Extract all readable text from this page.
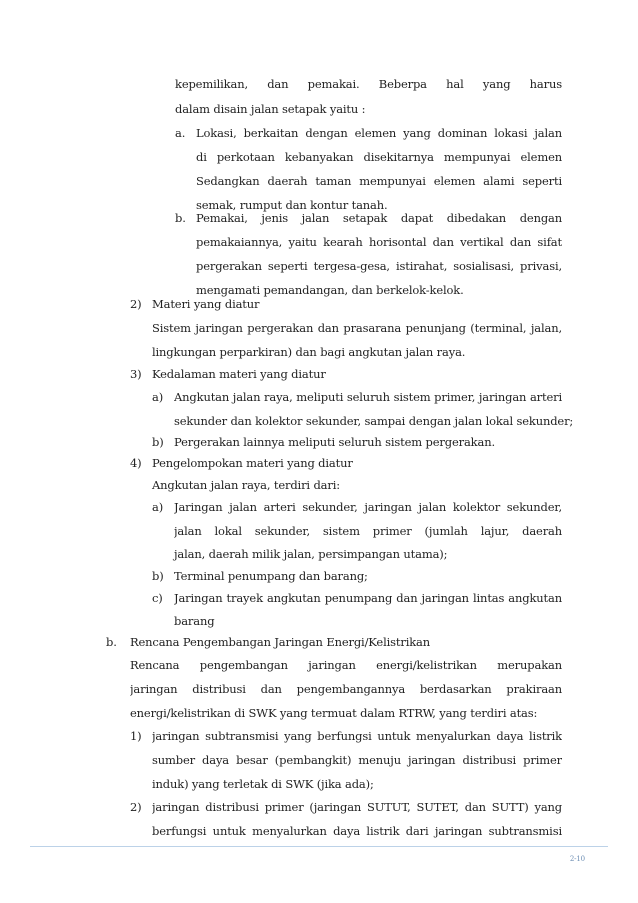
kepemilikan, dan pemakai. Beberpa hal yang harus
dalam disain jalan setapak yaitu :
a. Lokasi, berkaitan dengan elemen yang dominan lokasi jalan
di perkotaan kebanyakan disekitarnya mempunyai elemen
Sedangkan daerah taman mempunyai elemen alami seperti
semak, rumput dan kontur tanah.
b. Pemakai, jenis jalan setapak dapat dibedakan dengan
pemakaiannya, yaitu kearah horisontal dan vertikal dan sifat
pergerakan seperti tergesa-gesa, istirahat, sosialisasi, privasi,
mengamati pemandangan, dan berkelok-kelok.
2) Materi yang diatur
Sistem jaringan pergerakan dan prasarana penunjang (terminal, jalan,
lingkungan perparkiran) dan bagi angkutan jalan raya.
3) Kedalaman materi yang diatur
a) Angkutan jalan raya, meliputi seluruh sistem primer, jaringan arteri
sekunder dan kolektor sekunder, sampai dengan jalan lokal sekunder;
b) Pergerakan lainnya meliputi seluruh sistem pergerakan.
4) Pengelompokan materi yang diatur
Angkutan jalan raya, terdiri dari:
a) Jaringan jalan arteri sekunder, jaringan jalan kolektor sekunder,
jalan lokal sekunder, sistem primer (jumlah lajur, daerah
jalan, daerah milik jalan, persimpangan utama);
b) Terminal penumpang dan barang;
c) Jaringan trayek angkutan penumpang dan jaringan lintas angkutan
barang
b. Rencana Pengembangan Jaringan Energi/Kelistrikan
Rencana pengembangan jaringan energi/kelistrikan merupakan
jaringan distribusi dan pengembangannya berdasarkan prakiraan
energi/kelistrikan di SWK yang termuat dalam RTRW, yang terdiri atas:
1) jaringan subtransmisi yang berfungsi untuk menyalurkan daya listrik
sumber daya besar (pembangkit) menuju jaringan distribusi primer
induk) yang terletak di SWK (jika ada);
2) jaringan distribusi primer (jaringan SUTUT, SUTET, dan SUTT) yang
berfungsi untuk menyalurkan daya listrik dari jaringan subtransmisi
2-10
